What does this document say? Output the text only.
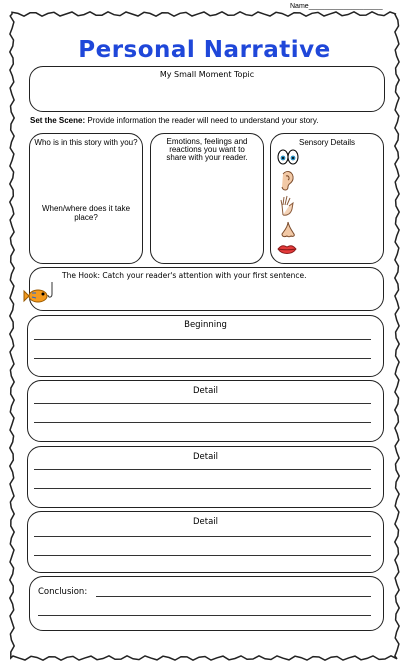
Name___________________
Personal Narrative
My Small Moment Topic
Set the Scene: Provide information the reader will need to understand your story.
Who is in this story with you?
When/where does it take place?
Emotions, feelings and reactions you want to share with your reader.
Sensory Details
The Hook: Catch your reader's attention with your first sentence.
Beginning
Detail
Detail
Detail
Conclusion:
